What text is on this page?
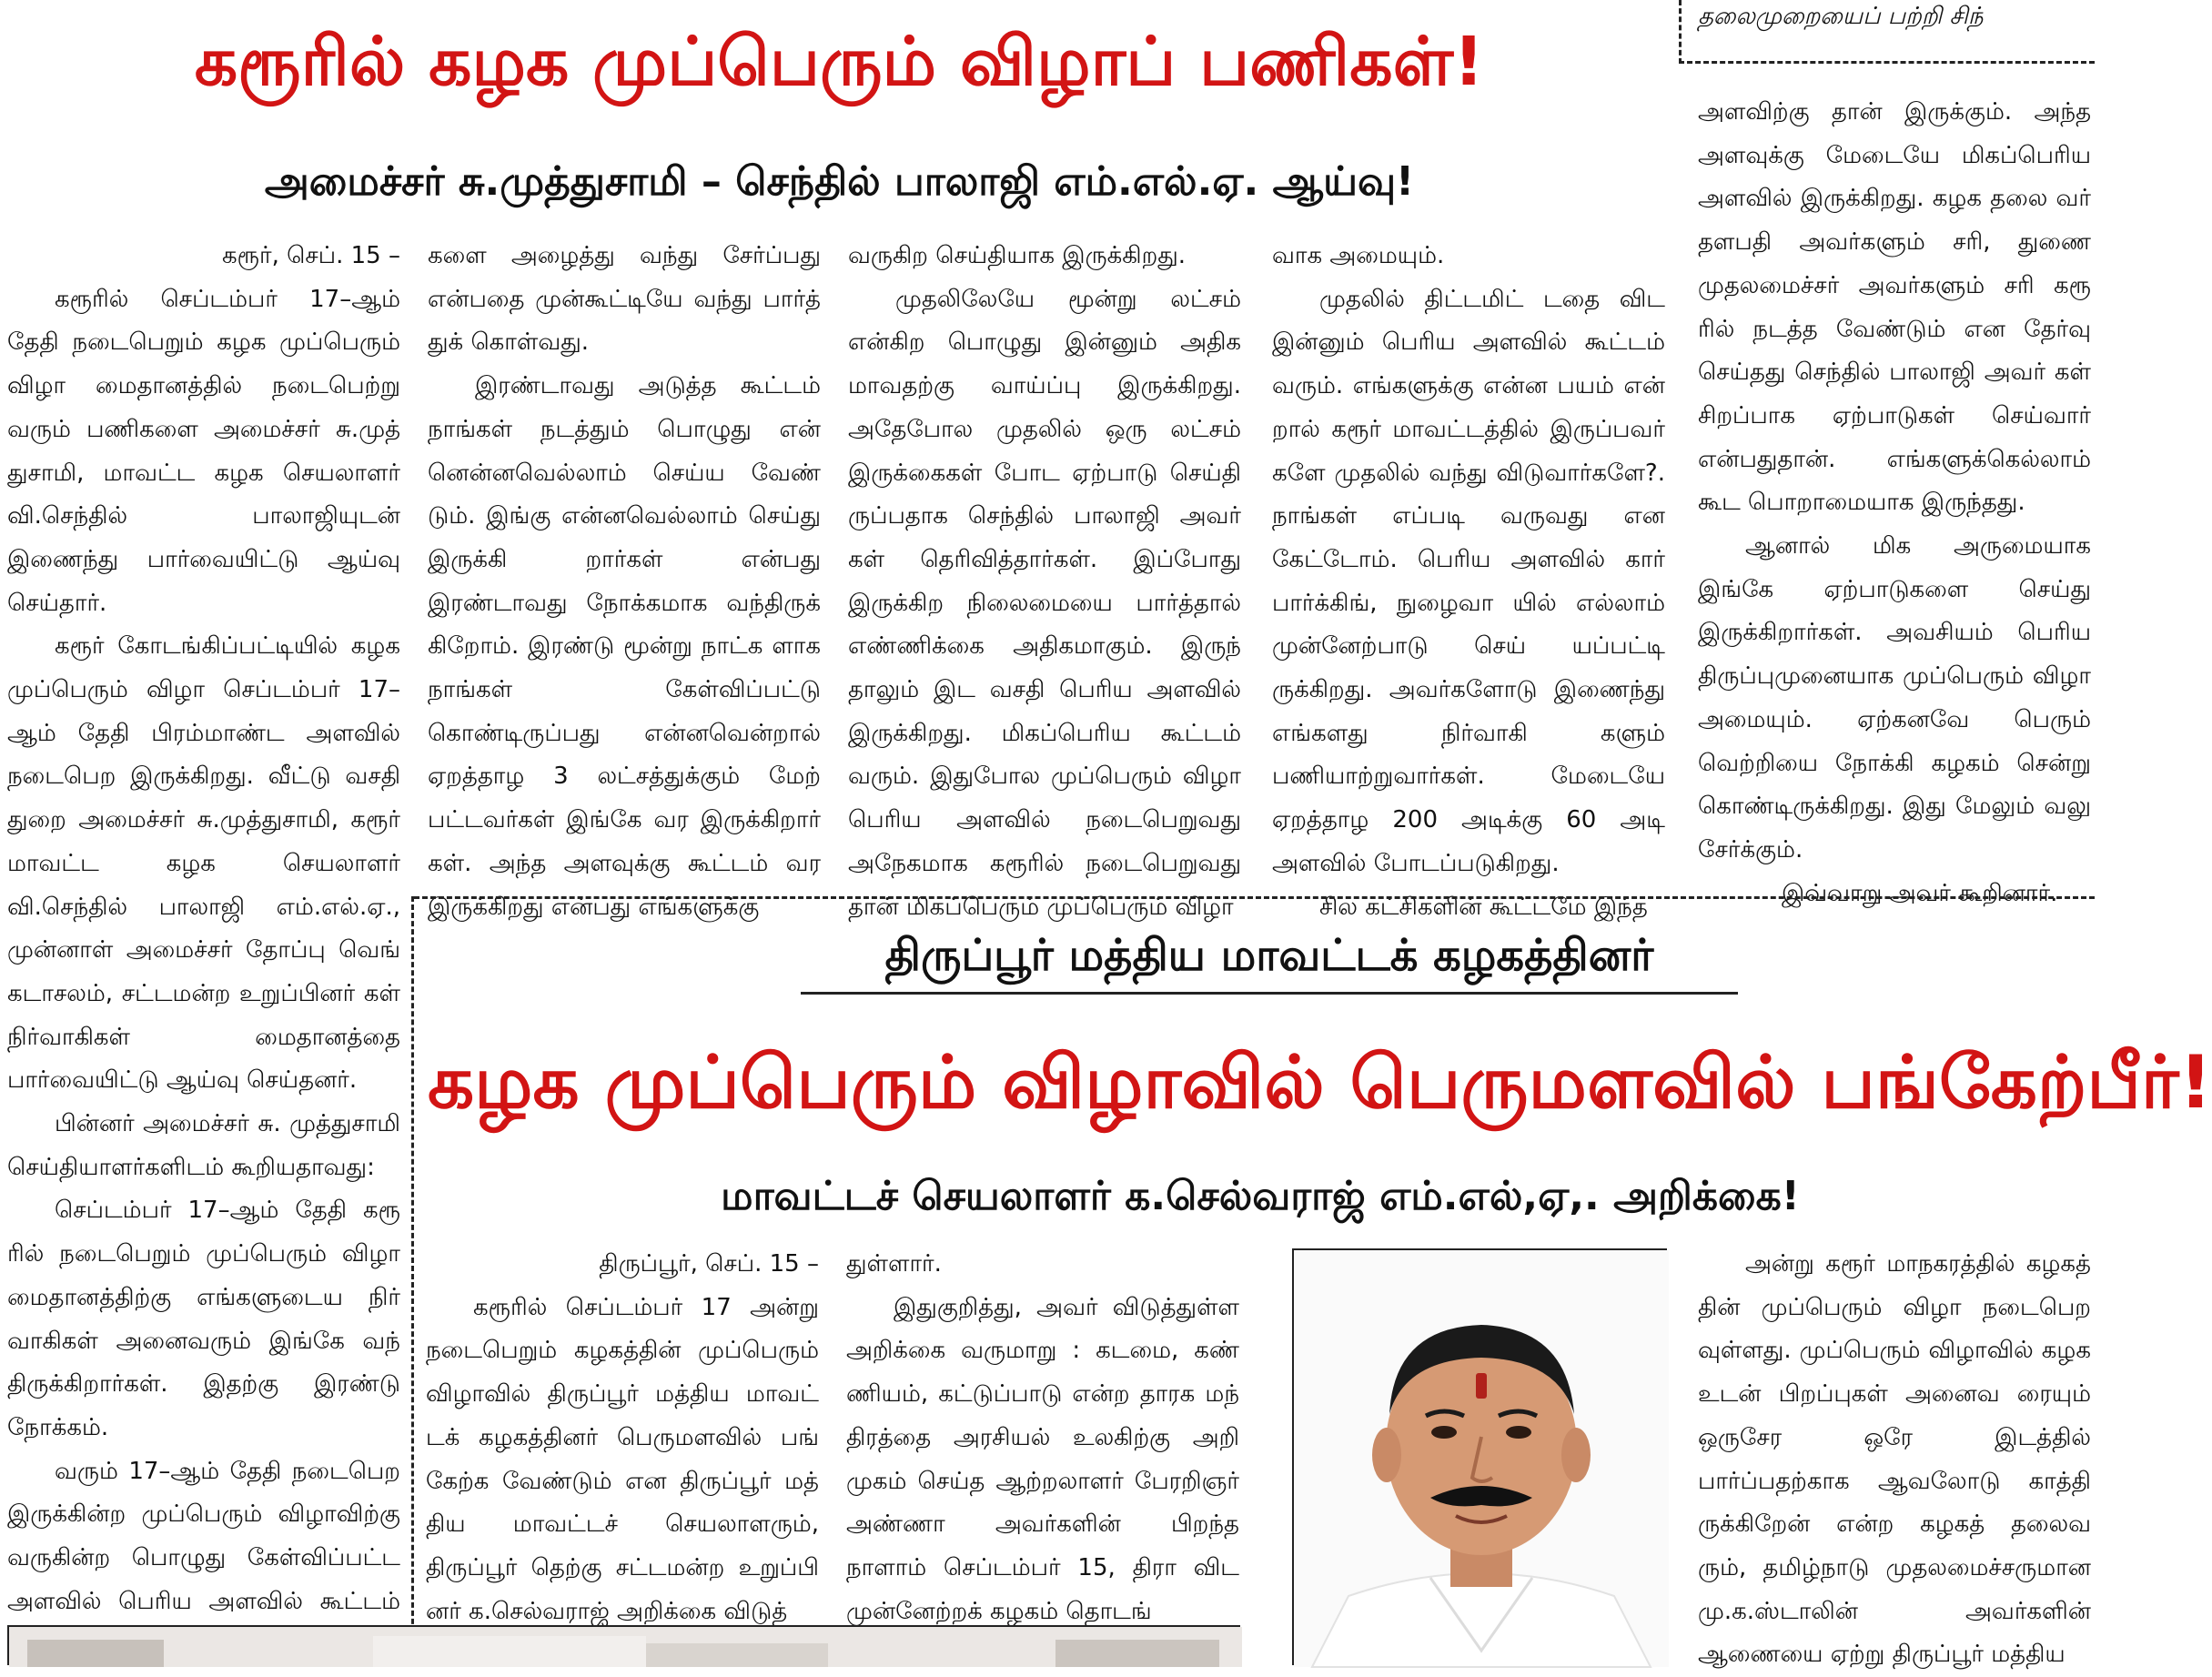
தலைமுறையைப் பற்றி சிந்
கரூரில் கழக முப்பெரும் விழாப் பணிகள்!
அமைச்சர் சு.முத்துசாமி – செந்தில் பாலாஜி எம்.எல்.ஏ. ஆய்வு!
கரூர், செப். 15 –

கரூரில் செப்டம்பர் 17–ஆம் தேதி நடைபெறும் கழக முப்பெரும் விழா மைதானத்தில் நடைபெற்று வரும் பணிகளை அமைச்சர் சு.முத் துசாமி, மாவட்ட கழக செயலாளர் வி.செந்தில் பாலாஜியுடன் இணைந்து பார்வையிட்டு ஆய்வு செய்தார்.

கரூர் கோடங்கிப்பட்டியில் கழக முப்பெரும் விழா செப்டம்பர் 17–ஆம் தேதி பிரம்மாண்ட அளவில் நடைபெற இருக்கிறது. வீட்டு வசதி துறை அமைச்சர் சு.முத்துசாமி, கரூர் மாவட்ட கழக செயலாளர் வி.செந்தில் பாலாஜி எம்.எல்.ஏ., முன்னாள் அமைச்சர் தோப்பு வெங் கடாசலம், சட்டமன்ற உறுப்பினர் கள் நிர்வாகிகள் மைதானத்தை பார்வையிட்டு ஆய்வு செய்தனர்.

பின்னர் அமைச்சர் சு. முத்துசாமி செய்தியாளர்களிடம் கூறியதாவது:

செப்டம்பர் 17–ஆம் தேதி கரூ ரில் நடைபெறும் முப்பெரும் விழா மைதானத்திற்கு எங்களுடைய நிர் வாகிகள் அனைவரும் இங்கே வந் திருக்கிறார்கள். இதற்கு இரண்டு நோக்கம்.

வரும் 17–ஆம் தேதி நடைபெற இருக்கின்ற முப்பெரும் விழாவிற்கு வருகின்ற பொழுது கேள்விப்பட்ட அளவில் பெரிய அளவில் கூட்டம்

களை அழைத்து வந்து சேர்ப்பது என்பதை முன்கூட்டியே வந்து பார்த் துக் கொள்வது.

இரண்டாவது அடுத்த கூட்டம் நாங்கள் நடத்தும் பொழுது என் னென்னவெல்லாம் செய்ய வேண் டும். இங்கு என்னவெல்லாம் செய்து இருக்கி றார்கள் என்பது இரண்டாவது நோக்கமாக வந்திருக் கிறோம். இரண்டு மூன்று நாட்க ளாக நாங்கள் கேள்விப்பட்டு கொண்டிருப்பது என்னவென்றால் ஏறத்தாழ 3 லட்சத்துக்கும் மேற் பட்டவர்கள் இங்கே வர இருக்கிறார் கள். அந்த அளவுக்கு கூட்டம் வர இருக்கிறது என்பது எங்களுக்கு

வருகிற செய்தியாக இருக்கிறது.

முதலிலேயே மூன்று லட்சம் என்கிற பொழுது இன்னும் அதிக மாவதற்கு வாய்ப்பு இருக்கிறது. அதேபோல முதலில் ஒரு லட்சம் இருக்கைகள் போட ஏற்பாடு செய்தி ருப்பதாக செந்தில் பாலாஜி அவர் கள் தெரிவித்தார்கள். இப்போது இருக்கிற நிலைமையை பார்த்தால் எண்ணிக்கை அதிகமாகும். இருந் தாலும் இட வசதி பெரிய அளவில் இருக்கிறது. மிகப்பெரிய கூட்டம் வரும். இதுபோல முப்பெரும் விழா பெரிய அளவில் நடைபெறுவது அநேகமாக கரூரில் நடைபெறுவது தான் மிகப்பெரும் முப்பெரும் விழா

வாக அமையும்.

முதலில் திட்டமிட் டதை விட இன்னும் பெரிய அளவில் கூட்டம் வரும். எங்களுக்கு என்ன பயம் என் றால் கரூர் மாவட்டத்தில் இருப்பவர் களே முதலில் வந்து விடுவார்களே?. நாங்கள் எப்படி வருவது என கேட்டோம். பெரிய அளவில் கார் பார்க்கிங், நுழைவா யில் எல்லாம் முன்னேற்பாடு செய் யப்பட்டி ருக்கிறது. அவர்களோடு இணைந்து எங்களது நிர்வாகி களும் பணியாற்றுவார்கள். மேடையே ஏறத்தாழ 200 அடிக்கு 60 அடி அளவில் போடப்படுகிறது.

சில கட்சிகளின் கூட்டமே இந்த

அளவிற்கு தான் இருக்கும். அந்த அளவுக்கு மேடையே மிகப்பெரிய அளவில் இருக்கிறது. கழக தலை வர் தளபதி அவர்களும் சரி, துணை முதலமைச்சர் அவர்களும் சரி கரூ ரில் நடத்த வேண்டும் என தேர்வு செய்தது செந்தில் பாலாஜி அவர் கள் சிறப்பாக ஏற்பாடுகள் செய்வார் என்பதுதான். எங்களுக்கெல்லாம் கூட பொறாமையாக இருந்தது.

ஆனால் மிக அருமையாக இங்கே ஏற்பாடுகளை செய்து இருக்கிறார்கள். அவசியம் பெரிய திருப்புமுனையாக முப்பெரும் விழா அமையும். ஏற்கனவே பெரும் வெற்றியை நோக்கி கழகம் சென்று கொண்டிருக்கிறது. இது மேலும் வலு சேர்க்கும்.

இவ்வாறு அவர் கூறினார்.

திருப்பூர் மத்திய மாவட்டக் கழகத்தினர்
கழக முப்பெரும் விழாவில் பெருமளவில் பங்கேற்பீர்!
மாவட்டச் செயலாளர் க.செல்வராஜ் எம்.எல்,ஏ,. அறிக்கை!
திருப்பூர், செப். 15 –

கரூரில் செப்டம்பர் 17 அன்று நடைபெறும் கழகத்தின் முப்பெரும் விழாவில் திருப்பூர் மத்திய மாவட் டக் கழகத்தினர் பெருமளவில் பங் கேற்க வேண்டும் என திருப்பூர் மத் திய மாவட்டச் செயலாளரும், திருப்பூர் தெற்கு சட்டமன்ற உறுப்பி னர் க.செல்வராஜ் அறிக்கை விடுத்

துள்ளார்.

இதுகுறித்து, அவர் விடுத்துள்ள அறிக்கை வருமாறு : கடமை, கண் ணியம், கட்டுப்பாடு என்ற தாரக மந் திரத்தை அரசியல் உலகிற்கு அறி முகம் செய்த ஆற்றலாளர் பேரறிஞர் அண்ணா அவர்களின் பிறந்த நாளாம் செப்டம்பர் 15, திரா விட முன்னேற்றக் கழகம் தொடங்

அன்று கரூர் மாநகரத்தில் கழகத் தின் முப்பெரும் விழா நடைபெற வுள்ளது. முப்பெரும் விழாவில் கழக உடன் பிறப்புகள் அனைவ ரையும் ஒருசேர ஒரே இடத்தில் பார்ப்பதற்காக ஆவலோடு காத்தி ருக்கிறேன் என்ற கழகத் தலைவ ரும், தமிழ்நாடு முதலமைச்சருமான மு.க.ஸ்டாலின் அவர்களின் ஆணையை ஏற்று திருப்பூர் மத்திய
